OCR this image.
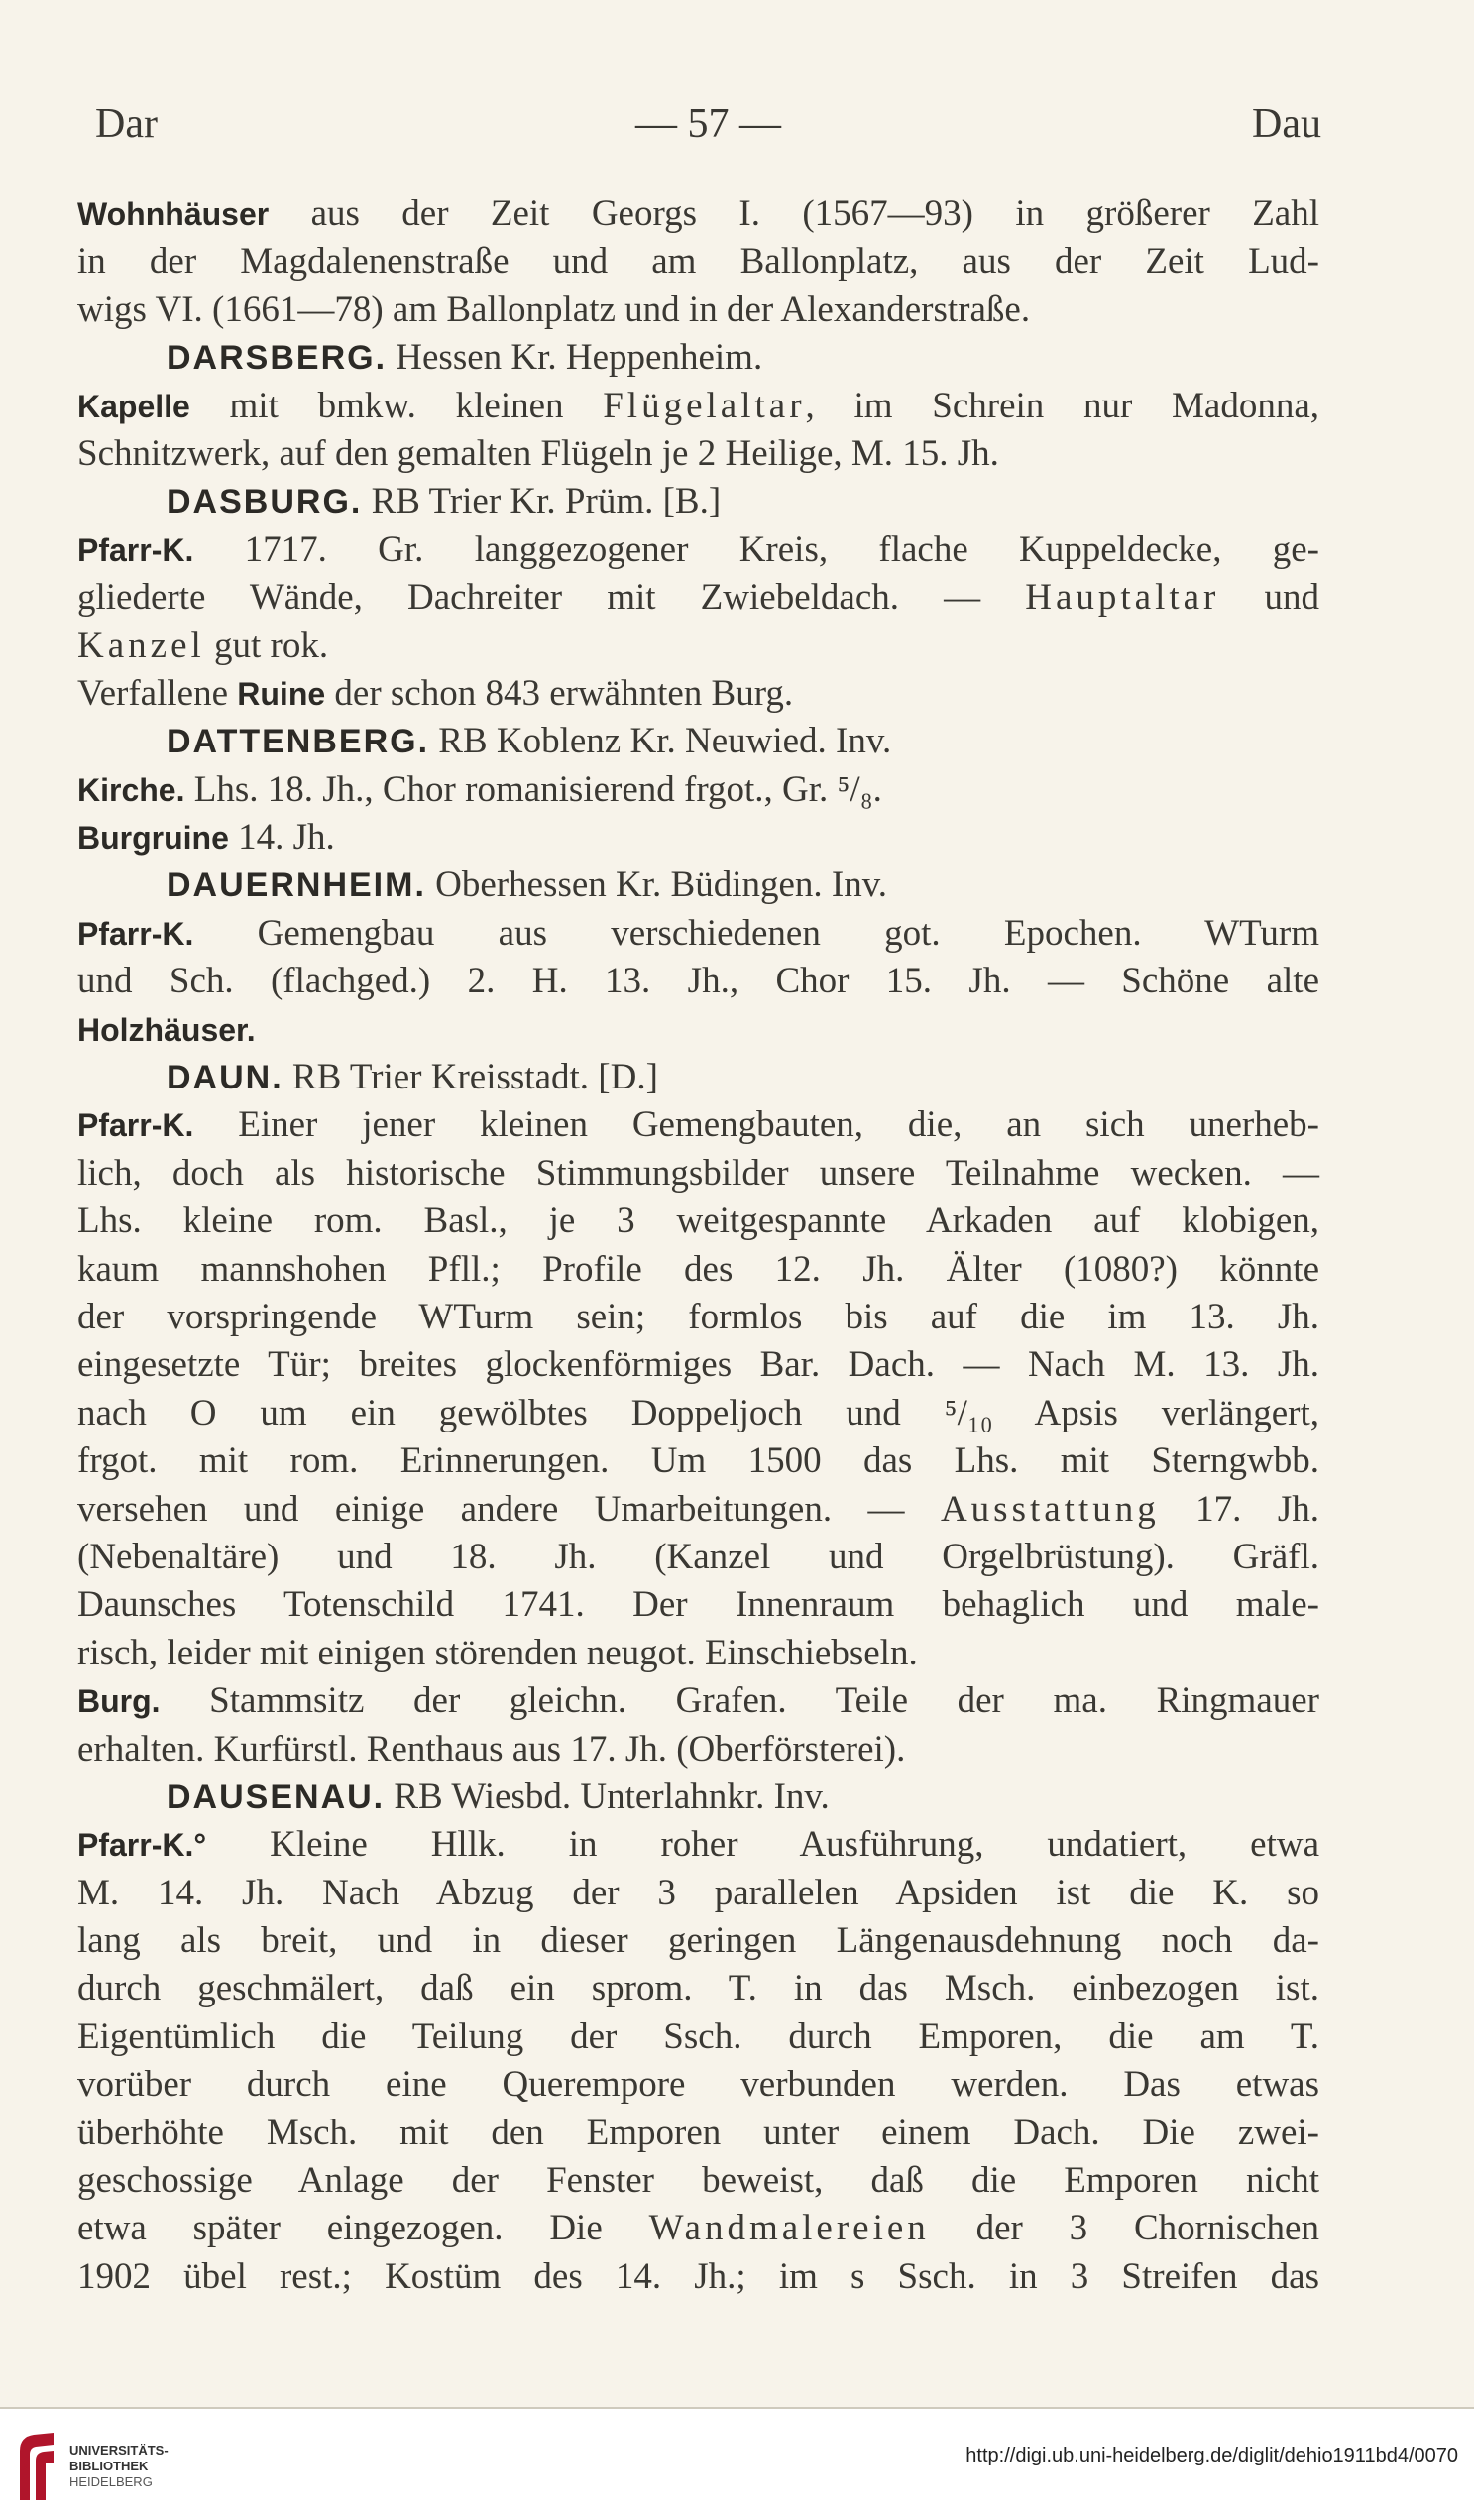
Dar	— 57 —	Dau
Wohnhäuser aus der Zeit Georgs I. (1567—93) in größerer Zahl
in der Magdalenenstraße und am Ballonplatz, aus der Zeit Lud-
wigs VI. (1661—78) am Ballonplatz und in der Alexanderstraße.
DARSBERG. Hessen Kr. Heppenheim.
Kapelle mit bmkw. kleinen Flügelaltar, im Schrein nur Madonna,
Schnitzwerk, auf den gemalten Flügeln je 2 Heilige, M. 15. Jh.
DASBURG. RB Trier Kr. Prüm. [B.]
Pfarr-K. 1717. Gr. langgezogener Kreis, flache Kuppeldecke, ge-
gliederte Wände, Dachreiter mit Zwiebeldach. — Hauptaltar und
Kanzel gut rok.
Verfallene Ruine der schon 843 erwähnten Burg.
DATTENBERG. RB Koblenz Kr. Neuwied. Inv.
Kirche. Lhs. 18. Jh., Chor romanisierend frgot., Gr. ⁵/₈.
Burgruine 14. Jh.
DAUERNHEIM. Oberhessen Kr. Büdingen. Inv.
Pfarr-K. Gemengbau aus verschiedenen got. Epochen. WTurm
und Sch. (flachged.) 2. H. 13. Jh., Chor 15. Jh. — Schöne alte
Holzhäuser.
DAUN. RB Trier Kreisstadt. [D.]
Pfarr-K. Einer jener kleinen Gemengbauten, die, an sich unerheb-
lich, doch als historische Stimmungsbilder unsere Teilnahme wecken. —
Lhs. kleine rom. Basl., je 3 weitgespannte Arkaden auf klobigen,
kaum mannshohen Pfll.; Profile des 12. Jh. Älter (1080?) könnte
der vorspringende WTurm sein; formlos bis auf die im 13. Jh.
eingesetzte Tür; breites glockenförmiges Bar. Dach. — Nach M. 13. Jh.
nach O um ein gewölbtes Doppeljoch und ⁵/₁₀ Apsis verlängert,
frgot. mit rom. Erinnerungen. Um 1500 das Lhs. mit Sterngwbb.
versehen und einige andere Umarbeitungen. — Ausstattung 17. Jh.
(Nebenaltäre) und 18. Jh. (Kanzel und Orgelbrüstung). Gräfl.
Daunsches Totenschild 1741. Der Innenraum behaglich und male-
risch, leider mit einigen störenden neugot. Einschiebseln.
Burg. Stammsitz der gleichn. Grafen. Teile der ma. Ringmauer
erhalten. Kurfürstl. Renthaus aus 17. Jh. (Oberförsterei).
DAUSENAU. RB Wiesbd. Unterlahnkr. Inv.
Pfarr-K.° Kleine Hllk. in roher Ausführung, undatiert, etwa
M. 14. Jh. Nach Abzug der 3 parallelen Apsiden ist die K. so
lang als breit, und in dieser geringen Längenausdehnung noch da-
durch geschmälert, daß ein sprom. T. in das Msch. einbezogen ist.
Eigentümlich die Teilung der Ssch. durch Emporen, die am T.
vorüber durch eine Querempore verbunden werden. Das etwas
überhöhte Msch. mit den Emporen unter einem Dach. Die zwei-
geschossige Anlage der Fenster beweist, daß die Emporen nicht
etwa später eingezogen. Die Wandmalereien der 3 Chornischen
1902 übel rest.; Kostüm des 14. Jh.; im s Ssch. in 3 Streifen das
UNIVERSITÄTS-
BIBLIOTHEK
HEIDELBERG
http://digi.ub.uni-heidelberg.de/diglit/dehio1911bd4/0070
